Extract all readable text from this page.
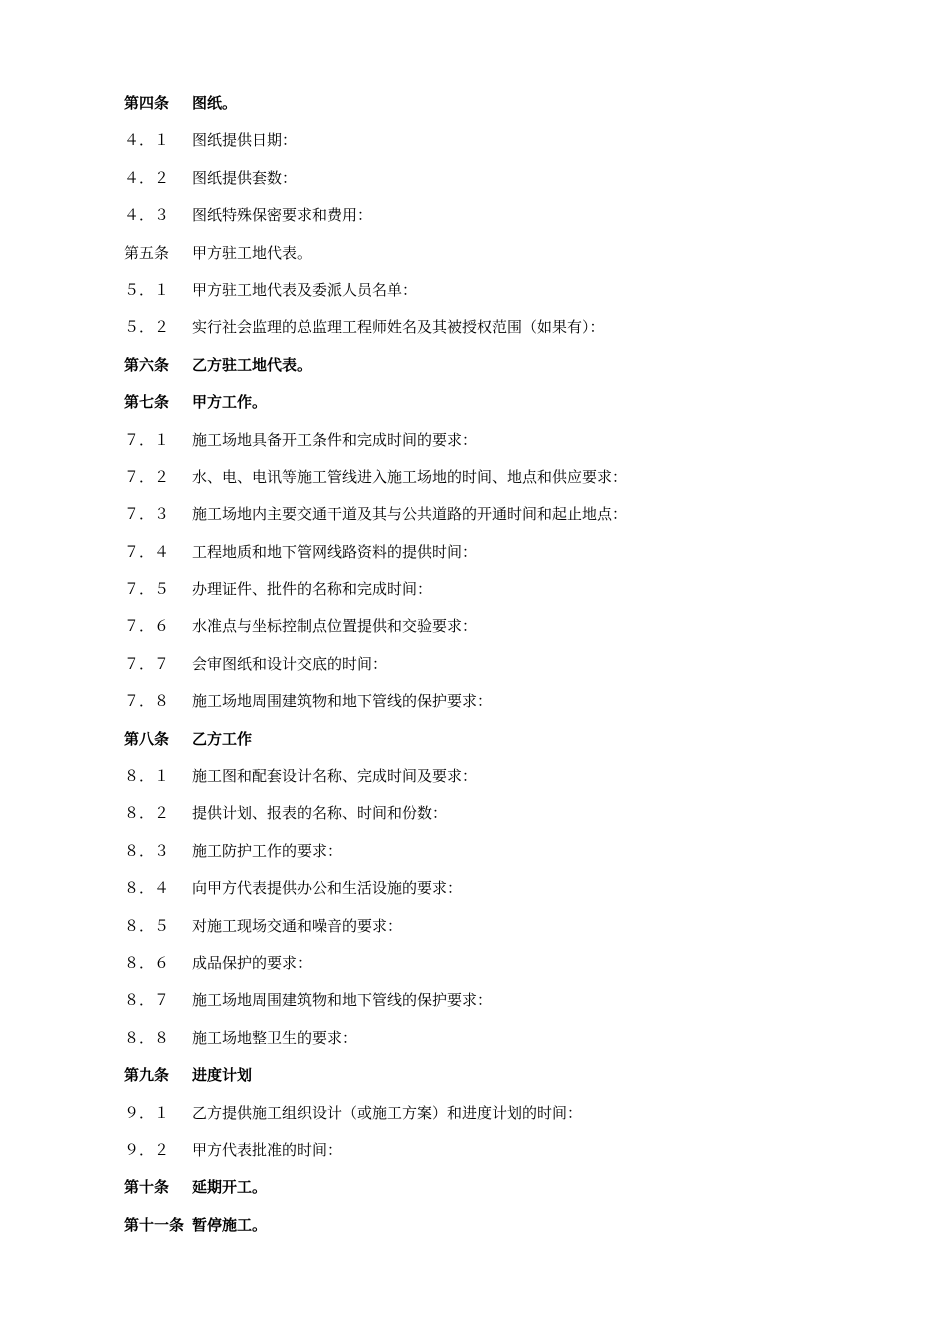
第四条	图纸。
４．１	图纸提供日期：
４．２	图纸提供套数：
４．３	图纸特殊保密要求和费用：
第五条	甲方驻工地代表。
５．１	甲方驻工地代表及委派人员名单：
５．２	实行社会监理的总监理工程师姓名及其被授权范围（如果有）：
第六条	乙方驻工地代表。
第七条	甲方工作。
７．１	施工场地具备开工条件和完成时间的要求：
７．２	水、电、电讯等施工管线进入施工场地的时间、地点和供应要求：
７．３	施工场地内主要交通干道及其与公共道路的开通时间和起止地点：
７．４	工程地质和地下管网线路资料的提供时间：
７．５	办理证件、批件的名称和完成时间：
７．６	水准点与坐标控制点位置提供和交验要求：
７．７	会审图纸和设计交底的时间：
７．８	施工场地周围建筑物和地下管线的保护要求：
第八条	乙方工作
８．１	施工图和配套设计名称、完成时间及要求：
８．２	提供计划、报表的名称、时间和份数：
８．３	施工防护工作的要求：
８．４	向甲方代表提供办公和生活设施的要求：
８．５	对施工现场交通和噪音的要求：
８．６	成品保护的要求：
８．７	施工场地周围建筑物和地下管线的保护要求：
８．８	施工场地整卫生的要求：
第九条	进度计划
９．１	乙方提供施工组织设计（或施工方案）和进度计划的时间：
９．２	甲方代表批准的时间：
第十条	延期开工。
第十一条 暂停施工。
